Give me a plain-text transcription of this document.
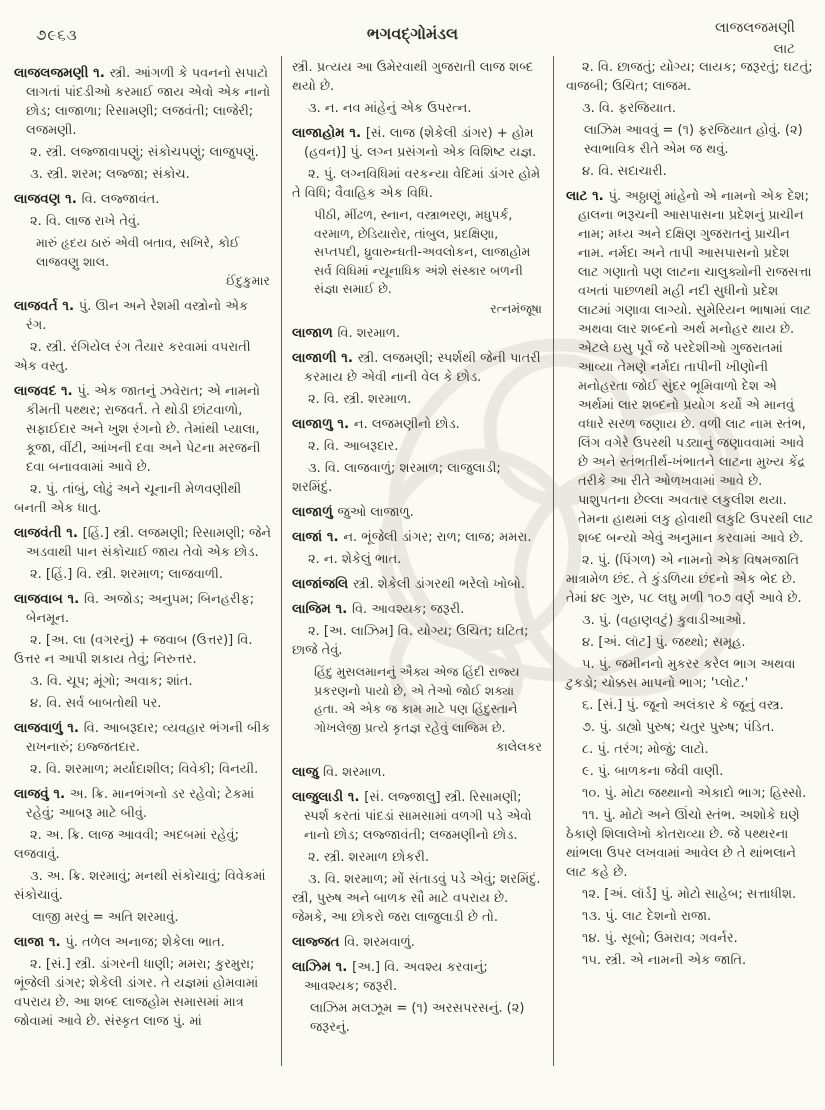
૭૯૬૩	ભગવદ્ગોમંડલ	લાજલજમણી
લાટ

લાજલજમણી ૧. સ્ત્રી. આંગળી કે પવનનો સપાટો લાગતાં પાંદડીઓ કરમાઈ જાય એવો એક નાનો છોડ; લાજાળા; રિસામણી; લજવંતી; લાજેરી; લજમણી.

૨. સ્ત્રી. લજ્જાવાપણું; સંકોચપણું; લાજુપણું.

૩. સ્ત્રી. શરમ; લજ્જા; સંકોચ.

લાજવણ ૧. વિ. લજ્જાવંત.

૨. વિ. લાજ રાખે તેવું.

મારું હૃદય ઠારું એવી બતાવ, સખિરે, કોઈ લાજવણુ શાલ.
ઈંદુકુમાર

લાજવર્ત ૧. પું. ઊન અને રેશમી વસ્ત્રોનો એક રંગ.

૨. સ્ત્રી. રંગિયેલ રંગ તૈયાર કરવામાં વપરાતી એક વસ્તુ.

લાજવદ ૧. પું. એક જાતનું ઝવેરાત; એ નામનો કીમતી પથ્થર; રાજવર્ત. તે થોડી છાંટવાળો, સફાઈદાર અને ખુશ રંગનો છે. તેમાંથી પ્યાલા, કૂજા, વીંટી, આંખની દવા અને પેટના મરજની દવા બનાવવામાં આવે છે.

૨. પું. તાંબું, લોઢું અને ચૂનાની મેળવણીથી બનતી એક ધાતુ.

લાજવંતી ૧. [હિં.] સ્ત્રી. લજમણી; રિસામણી; જેને અડવાથી પાન સંકોચાઈ જાય તેવો એક છોડ.

૨. [હિં.] વિ. સ્ત્રી. શરમાળ; લાજવાળી.

લાજવાબ ૧. વિ. અજોડ; અનુપમ; બિનહરીફ; બેનમૂન.

૨. [અ. લા (વગરનું) + જવાબ (ઉત્તર)] વિ. ઉત્તર ન આપી શકાય તેવું; નિરુત્તર.

૩. વિ. ચૂપ; મૂંગો; અવાક; શાંત.

૪. વિ. સર્વ બાબતોથી પર.

લાજવાળું ૧. વિ. આબરૂદાર; વ્યવહાર ભંગની બીક રાખનારું; ઇજ્જતદાર.

૨. વિ. શરમાળ; મર્યાદાશીલ; વિવેકી; વિનયી.

લાજવું ૧. અ. ક્રિ. માનભંગનો ડર રહેવો; ટેકમાં રહેવું; આબરૂ માટે બીવું.

૨. અ. ક્રિ. લાજ આવવી; અદબમાં રહેવું; લજવાવું.

૩. અ. ક્રિ. શરમાવું; મનથી સંકોચાવું; વિવેકમાં સંકોચાવું.

લાજી મરવું = અતિ શરમાવું.

લાજા ૧. પું. તળેલ અનાજ; શેકેલા ભાત.

૨. [સં.] સ્ત્રી. ડાંગરની ધાણી; મમરા; કુરમુરા; ભૂંજેલી ડાંગર; શેકેલી ડાંગર. તે યજ્ઞમાં હોમવામાં વપરાય છે. આ શબ્દ લાજહોમ સમાસમાં માત્ર જોવામાં આવે છે. સંસ્કૃત લાજ પું. માં

સ્ત્રી. પ્રત્યય આ ઉમેરવાથી ગુજરાતી લાજ શબ્દ થયો છે.

૩. ન. નવ માંહેનું એક ઉપરત્ન.

લાજાહોમ ૧. [સં. લાજ (શેકેલી ડાંગર) + હોમ (હવન)] પું. લગ્ન પ્રસંગનો એક વિશિષ્ટ યજ્ઞ.

૨. પું. લગ્નવિધિમાં વરકન્યા વેદિમાં ડાંગર હોમે તે વિધિ; વૈવાહિક એક વિધિ.

પીઠી, મીંઢળ, સ્નાન, વસ્ત્રાભરણ, મધુપર્ક, વરમાળ, છેડિયારોર, તાંબુલ, પ્રદક્ષિણા, સપ્તપદી, ધ્રુવારુન્ધતી-અવલોકન, લાજાહોમ સર્વ વિધિમાં ન્યૂનાધિક અંશે સંસ્કાર બળની સંજ્ઞા સમાઈ છે.
રત્નમંજૂષા

લાજાળ વિ. શરમાળ.

લાજાળી ૧. સ્ત્રી. લજમણી; સ્પર્શથી જેની પાતરી કરમાય છે એવી નાની વેલ કે છોડ.

૨. વિ. સ્ત્રી. શરમાળ.

લાજાળુ ૧. ન. લજમણીનો છોડ.

૨. વિ. આબરૂદાર.

૩. વિ. લાજવાળું; શરમાળ; લાજુલાડી; શરમિંદું.

લાજાળું જુઓ લાજાળુ.

લાજાં ૧. ન. ભૂંજેલી ડાંગર; રાળ; લાજ; મમરા.

૨. ન. શેકેલું ભાત.

લાજાંજલિ સ્ત્રી. શેકેલી ડાંગરથી ભરેલો ખોબો.

લાજિમ ૧. વિ. આવશ્યક; જરૂરી.

૨. [અ. લાઝિમ] વિ. યોગ્ય; ઉચિત; ઘટિત; છાજે તેવું.

હિંદુ મુસલમાનનું ઐક્ય એજ હિંદી રાજ્ય પ્રકરણનો પાયો છે, એ તેઓ જોઈ શક્યા હતા. એ એક જ કામ માટે પણ હિંદુસ્તાને ગોખલેજી પ્રત્યે કૃતજ્ઞ રહેવું લાજિમ છે.
કાલેલકર

લાજુ વિ. શરમાળ.

લાજુલાડી ૧. [સં. લજ્જાલુ] સ્ત્રી. રિસામણી; સ્પર્શ કરતાં પાંદડાં સામસામાં વળગી પડે એવો નાનો છોડ; લજ્જાવંતી; લજમણીનો છોડ.

૨. સ્ત્રી. શરમાળ છોકરી.

૩. વિ. શરમાળ; મોં સંતાડવું પડે એવું; શરમિંદું. સ્ત્રી, પુરુષ અને બાળક સૌ માટે વપરાય છે. જેમકે, આ છોકરો જરા લાજુલાડી છે તો.

લાજ્જત વિ. શરમવાળું.

લાઝિમ ૧. [અ.] વિ. અવશ્ય કરવાનું; આવશ્યક; જરૂરી.

લાઝિમ મલઝૂમ = (૧) અરસપરસનું. (૨) જરૂરનું.

૨. વિ. છાજતું; યોગ્ય; લાયક; જરૂરતું; ઘટતું; વાજબી; ઉચિત; લાજમ.

૩. વિ. ફરજિયાત.

લાઝિમ આવવું = (૧) ફરજિયાત હોવું. (૨) સ્વાભાવિક રીતે એમ જ થવું.

૪. વિ. સદાચારી.

લાટ ૧. પું. અઠ્ઠાણું માંહેનો એ નામનો એક દેશ; હાલના ભરૂચની આસપાસના પ્રદેશનું પ્રાચીન નામ; મધ્ય અને દક્ષિણ ગુજરાતનું પ્રાચીન નામ. નર્મદા અને તાપી આસપાસનો પ્રદેશ લાટ ગણાતો પણ લાટના ચાલુક્યોની રાજસત્તા વખતાં પાછળથી મહી નદી સુધીનો પ્રદેશ લાટમાં ગણાવા લાગ્યો. સુમેરિયન ભાષામાં લાટ અથવા લાર શબ્દનો અર્થ મનોહર થાય છે. એટલે ઇસુ પૂર્વે જે પરદેશીઓ ગુજરાતમાં આવ્યા તેમણે નર્મદા તાપીની ખીણોની મનોહરતા જોઈ સુંદર ભૂમિવાળો દેશ એ અર્થમાં લાર શબ્દનો પ્રયોગ કર્યો એ માનવું વધારે સરળ જણાય છે. વળી લાટ નામ સ્તંભ, લિંગ વગેરે ઉપરથી પડ્યાનું જણાવવામાં આવે છે અને સ્તંભતીર્થ-ખંભાતને લાટના મુખ્ય કેંદ્ર તરીકે આ રીતે ઓળખવામાં આવે છે. પાશુપતના છેલ્લા અવતાર લકુલીશ થયા. તેમના હાથમાં લકુ હોવાથી લકુટિ ઉપરથી લાટ શબ્દ બન્યો એવું અનુમાન કરવામાં આવે છે.

૨. પું. (પિંગળ) એ નામનો એક વિષમજાતિ માત્રામેળ છંદ. તે કુંડળિયા છંદનો એક ભેદ છે. તેમાં ૪૯ ગુરુ, ૫૮ લઘુ મળી ૧૦૭ વર્ણ આવે છે.

૩. પું. (વહાણવટું) કુવાડીઆઓ.

૪. [અં. લૉટ] પું. જથ્થો; સમૂહ.

૫. પું. જમીનનો મુકરર કરેલ ભાગ અથવા ટુકડો; ચોક્કસ માપનો ભાગ; 'પ્લોટ.'

૬. [સં.] પું. જૂનો અલંકાર કે જૂનું વસ્ત્ર.

૭. પું. ડાહ્યો પુરુષ; ચતુર પુરુષ; પંડિત.

૮. પું. તરંગ; મોજું; લાટો.

૯. પું. બાળકના જેવી વાણી.

૧૦. પું. મોટા જથ્થાનો એકાદો ભાગ; હિસ્સો.

૧૧. પું. મોટો અને ઊંચો સ્તંભ. અશોકે ઘણે ઠેકાણે શિલાલેખો કોતરાવ્યા છે. જે પથ્થરના થાંભલા ઉપર લખવામાં આવેલ છે તે થાંભલાને લાટ કહે છે.

૧૨. [અં. લૉર્ડ] પું. મોટો સાહેબ; સત્તાધીશ.

૧૩. પું. લાટ દેશનો રાજા.

૧૪. પું. સૂબો; ઉમરાવ; ગવર્નર.

૧૫. સ્ત્રી. એ નામની એક જાતિ.
